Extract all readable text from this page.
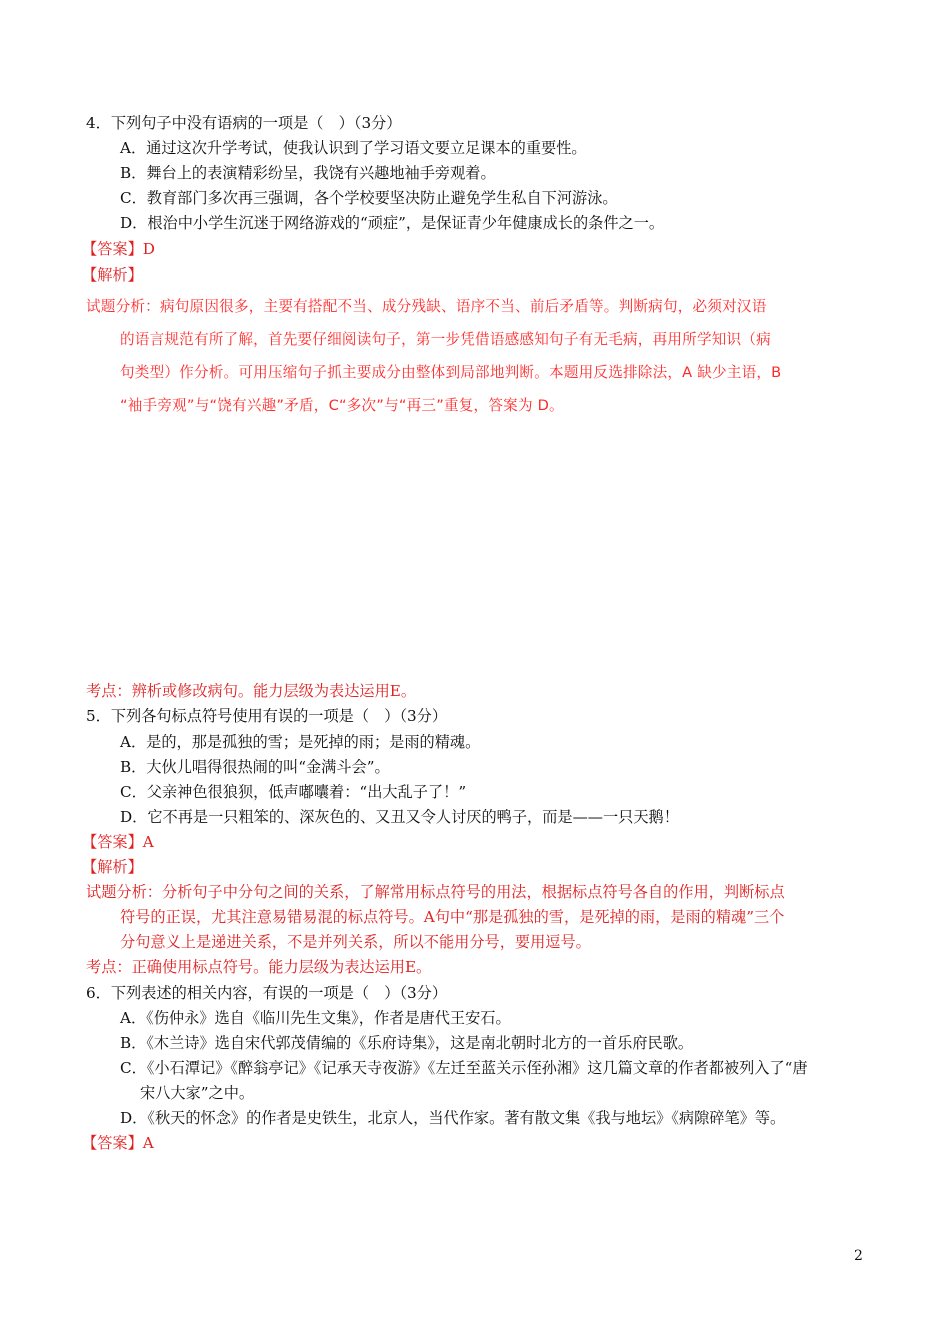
4．下列句子中没有语病的一项是（　）（3分）
A．通过这次升学考试，使我认识到了学习语文要立足课本的重要性。
B．舞台上的表演精彩纷呈，我饶有兴趣地袖手旁观着。
C．教育部门多次再三强调，各个学校要坚决防止避免学生私自下河游泳。
D．根治中小学生沉迷于网络游戏的“顽症”，是保证青少年健康成长的条件之一。
【答案】D
【解析】
试题分析：病句原因很多，主要有搭配不当、成分残缺、语序不当、前后矛盾等。判断病句，必须对汉语
的语言规范有所了解，首先要仔细阅读句子，第一步凭借语感感知句子有无毛病，再用所学知识（病
句类型）作分析。可用压缩句子抓主要成分由整体到局部地判断。本题用反选排除法，A 缺少主语，B
“袖手旁观”与“饶有兴趣”矛盾，C“多次”与“再三”重复，答案为 D。
考点：辨析或修改病句。能力层级为表达运用E。
5．下列各句标点符号使用有误的一项是（　）（3分）
A．是的，那是孤独的雪；是死掉的雨；是雨的精魂。
B．大伙儿唱得很热闹的叫“金满斗会”。
C．父亲神色很狼狈，低声嘟囔着：“出大乱子了！”
D．它不再是一只粗笨的、深灰色的、又丑又令人讨厌的鸭子，而是——一只天鹅！
【答案】A
【解析】
试题分析：分析句子中分句之间的关系，了解常用标点符号的用法，根据标点符号各自的作用，判断标点
符号的正误，尤其注意易错易混的标点符号。A句中“那是孤独的雪，是死掉的雨，是雨的精魂”三个
分句意义上是递进关系，不是并列关系，所以不能用分号，要用逗号。
考点：正确使用标点符号。能力层级为表达运用E。
6．下列表述的相关内容，有误的一项是（　）（3分）
A．《伤仲永》选自《临川先生文集》，作者是唐代王安石。
B．《木兰诗》选自宋代郭茂倩编的《乐府诗集》，这是南北朝时北方的一首乐府民歌。
C．《小石潭记》《醉翁亭记》《记承天寺夜游》《左迁至蓝关示侄孙湘》这几篇文章的作者都被列入了“唐
宋八大家”之中。
D．《秋天的怀念》的作者是史铁生，北京人，当代作家。著有散文集《我与地坛》《病隙碎笔》等。
【答案】A
2
